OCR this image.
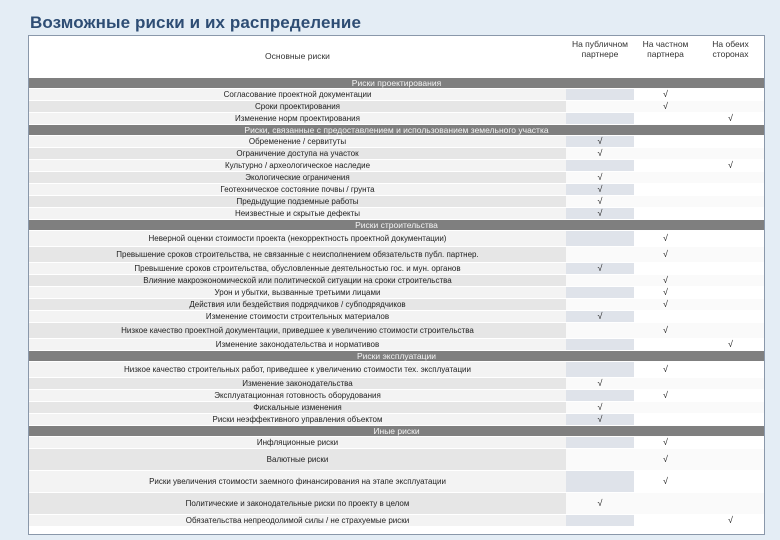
Возможные риски и их распределение
Основные риски	На публичном партнере	На частном партнера	На обеих сторонах
Риски проектирования			
Согласование проектной документации		√	
Сроки проектирования		√	
Изменение норм проектирования			√
Риски, связанные с предоставлением и использованием земельного участка			
Обременение / сервитуты	√		
Ограничение доступа на участок	√		
Культурно / археологическое наследие			√
Экологические ограничения	√		
Геотехническое состояние почвы / грунта	√		
Предыдущие подземные работы	√		
Неизвестные и скрытые дефекты	√		
Риски строительства			
Неверной оценки стоимости проекта (некорректность проектной документации)		√	
Превышение сроков строительства, не связанные с неисполнением обязательств публ. партнер.		√	
Превышение сроков строительства, обусловленные деятельностью гос. и мун. органов	√		
Влияние макроэкономической или политической ситуации на сроки строительства		√	
Урон и убытки, вызванные третьими лицами		√	
Действия или бездействия подрядчиков / субподрядчиков		√	
Изменение стоимости строительных материалов	√		
Низкое качество проектной документации, приведшее к увеличению стоимости строительства		√	
Изменение законодательства и нормативов			√
Риски эксплуатации			
Низкое качество строительных работ, приведшее к увеличению стоимости тех. эксплуатации		√	
Изменение законодательства	√		
Эксплуатационная готовность оборудования		√	
Фискальные изменения	√		
Риски неэффективного управления объектом	√		
Иные риски			
Инфляционные риски		√	
Валютные риски		√	
Риски увеличения стоимости заемного финансирования на этапе эксплуатации		√	
Политические и законодательные риски по проекту в целом	√		
Обязательства непреодолимой силы / не страхуемые риски			√
